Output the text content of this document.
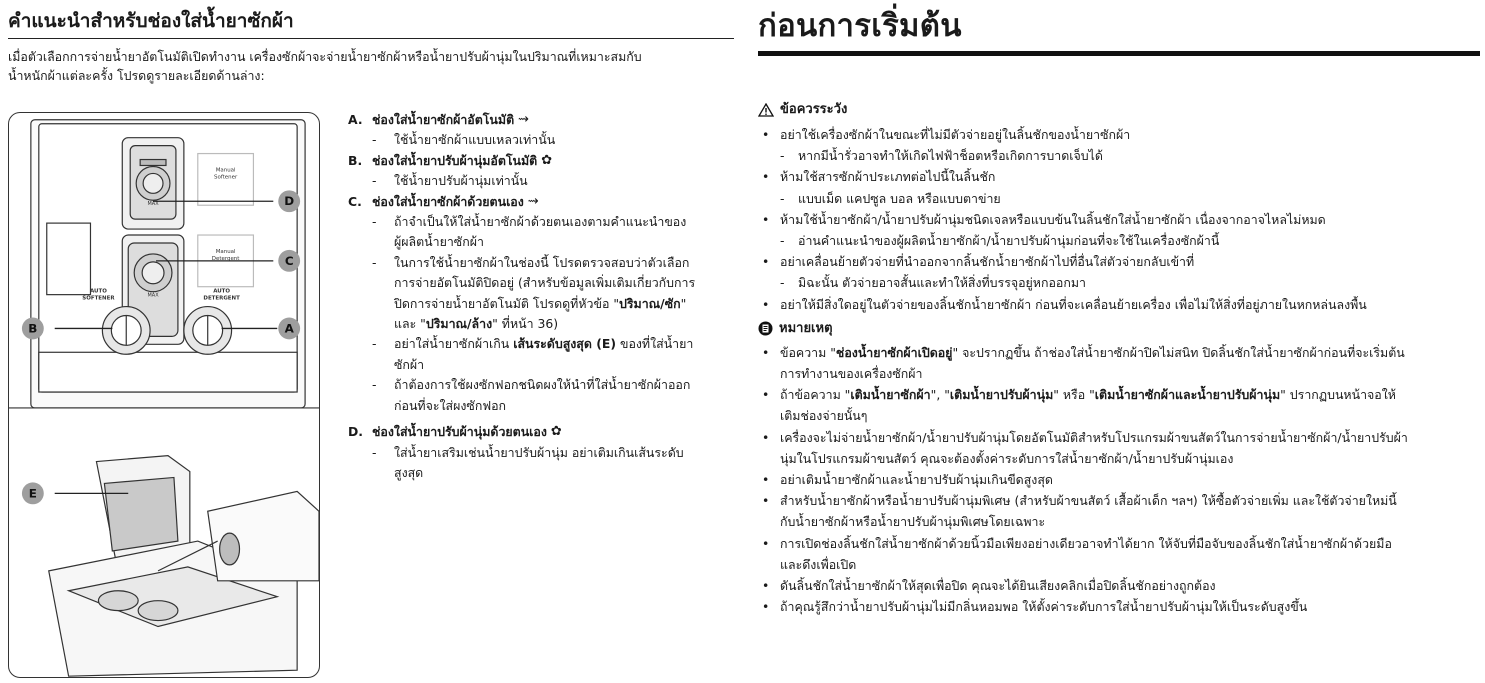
คำแนะนำสำหรับช่องใส่น้ำยาซักผ้า
เมื่อตัวเลือกการจ่ายน้ำยาอัตโนมัติเปิดทำงาน เครื่องซักผ้าจะจ่ายน้ำยาซักผ้าหรือน้ำยาปรับผ้านุ่มในปริมาณที่เหมาะสมกับ
น้ำหนักผ้าแต่ละครั้ง โปรดดูรายละเอียดด้านล่าง:
Manual
Softener
Manual
Detergent
AUTO
SOFTENER
AUTO
DETERGENT
MAX
MAX
D
C
B	A
E
A. ช่องใส่น้ำยาซักผ้าอัตโนมัติ ⇝
-	ใช้น้ำยาซักผ้าแบบเหลวเท่านั้น
B. ช่องใส่น้ำยาปรับผ้านุ่มอัตโนมัติ ✿
-	ใช้น้ำยาปรับผ้านุ่มเท่านั้น
C. ช่องใส่น้ำยาซักผ้าด้วยตนเอง ⇝
-	ถ้าจำเป็นให้ใส่น้ำยาซักผ้าด้วยตนเองตามคำแนะนำของ
ผู้ผลิตน้ำยาซักผ้า
-	ในการใช้น้ำยาซักผ้าในช่องนี้ โปรดตรวจสอบว่าตัวเลือก
การจ่ายอัตโนมัติปิดอยู่ (สำหรับข้อมูลเพิ่มเติมเกี่ยวกับการ
ปิดการจ่ายน้ำยาอัตโนมัติ โปรดดูที่หัวข้อ "ปริมาณ/ซัก"
และ "ปริมาณ/ล้าง" ที่หน้า 36)
-	อย่าใส่น้ำยาซักผ้าเกิน เส้นระดับสูงสุด (E) ของที่ใส่น้ำยา
ซักผ้า
-	ถ้าต้องการใช้ผงซักฟอกชนิดผงให้นำที่ใส่น้ำยาซักผ้าออก
ก่อนที่จะใส่ผงซักฟอก
D. ช่องใส่น้ำยาปรับผ้านุ่มด้วยตนเอง ✿
-	ใส่น้ำยาเสริมเช่นน้ำยาปรับผ้านุ่ม อย่าเติมเกินเส้นระดับ
สูงสุด
ก่อนการเริ่มต้น
ข้อควรระวัง
• อย่าใช้เครื่องซักผ้าในขณะที่ไม่มีตัวจ่ายอยู่ในลิ้นชักของน้ำยาซักผ้า
-	หากมีน้ำรั่วอาจทำให้เกิดไฟฟ้าช็อตหรือเกิดการบาดเจ็บได้
• ห้ามใช้สารซักผ้าประเภทต่อไปนี้ในลิ้นชัก
-	แบบเม็ด แคปซูล บอล หรือแบบตาข่าย
• ห้ามใช้น้ำยาซักผ้า/น้ำยาปรับผ้านุ่มชนิดเจลหรือแบบข้นในลิ้นชักใส่น้ำยาซักผ้า เนื่องจากอาจไหลไม่หมด
-	อ่านคำแนะนำของผู้ผลิตน้ำยาซักผ้า/น้ำยาปรับผ้านุ่มก่อนที่จะใช้ในเครื่องซักผ้านี้
• อย่าเคลื่อนย้ายตัวจ่ายที่นำออกจากลิ้นชักน้ำยาซักผ้าไปที่อื่นใส่ตัวจ่ายกลับเข้าที่
-	มิฉะนั้น ตัวจ่ายอาจสั้นและทำให้สิ่งที่บรรจุอยู่หกออกมา
• อย่าให้มีสิ่งใดอยู่ในตัวจ่ายของลิ้นชักน้ำยาซักผ้า ก่อนที่จะเคลื่อนย้ายเครื่อง เพื่อไม่ให้สิ่งที่อยู่ภายในหกหล่นลงพื้น
หมายเหตุ
• ข้อความ "ช่องน้ำยาซักผ้าเปิดอยู่" จะปรากฏขึ้น ถ้าช่องใส่น้ำยาซักผ้าปิดไม่สนิท ปิดลิ้นชักใส่น้ำยาซักผ้าก่อนที่จะเริ่มต้น
การทำงานของเครื่องซักผ้า
• ถ้าข้อความ "เติมน้ำยาซักผ้า", "เติมน้ำยาปรับผ้านุ่ม" หรือ "เติมน้ำยาซักผ้าและน้ำยาปรับผ้านุ่ม" ปรากฏบนหน้าจอให้
เติมช่องจ่ายนั้นๆ
• เครื่องจะไม่จ่ายน้ำยาซักผ้า/น้ำยาปรับผ้านุ่มโดยอัตโนมัติสำหรับโปรแกรมผ้าขนสัตว์ในการจ่ายน้ำยาซักผ้า/น้ำยาปรับผ้า
นุ่มในโปรแกรมผ้าขนสัตว์ คุณจะต้องตั้งค่าระดับการใส่น้ำยาซักผ้า/น้ำยาปรับผ้านุ่มเอง
• อย่าเติมน้ำยาซักผ้าและน้ำยาปรับผ้านุ่มเกินขีดสูงสุด
• สำหรับน้ำยาซักผ้าหรือน้ำยาปรับผ้านุ่มพิเศษ (สำหรับผ้าขนสัตว์ เสื้อผ้าเด็ก ฯลฯ) ให้ซื้อตัวจ่ายเพิ่ม และใช้ตัวจ่ายใหม่นี้
กับน้ำยาซักผ้าหรือน้ำยาปรับผ้านุ่มพิเศษโดยเฉพาะ
• การเปิดช่องลิ้นชักใส่น้ำยาซักผ้าด้วยนิ้วมือเพียงอย่างเดียวอาจทำได้ยาก ให้จับที่มือจับของลิ้นชักใส่น้ำยาซักผ้าด้วยมือ
และดึงเพื่อเปิด
• ดันลิ้นชักใส่น้ำยาซักผ้าให้สุดเพื่อปิด คุณจะได้ยินเสียงคลิกเมื่อปิดลิ้นชักอย่างถูกต้อง
• ถ้าคุณรู้สึกว่าน้ำยาปรับผ้านุ่มไม่มีกลิ่นหอมพอ ให้ตั้งค่าระดับการใส่น้ำยาปรับผ้านุ่มให้เป็นระดับสูงขึ้น
